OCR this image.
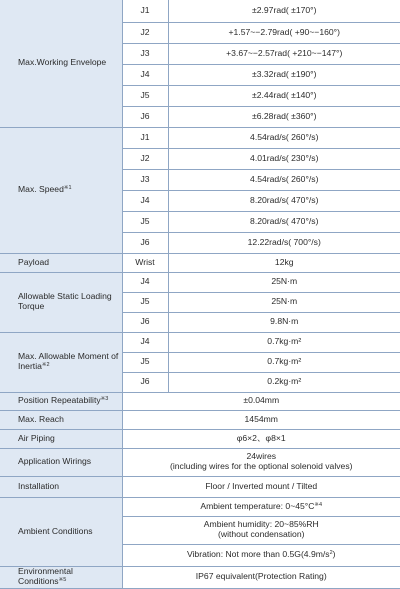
Max.Working Envelope	J1	±2.97rad( ±170°)
	J2	+1.57~−2.79rad( +90~−160°)
	J3	+3.67~−2.57rad( +210~−147°)
	J4	±3.32rad( ±190°)
	J5	±2.44rad( ±140°)
	J6	±6.28rad( ±360°)
Max. Speed$^{※1}$	J1	4.54rad/s( 260°/s)
	J2	4.01rad/s( 230°/s)
	J3	4.54rad/s( 260°/s)
	J4	8.20rad/s( 470°/s)
	J5	8.20rad/s( 470°/s)
	J6	12.22rad/s( 700°/s)
Payload	Wrist	12kg
Allowable Static Loading Torque	J4	25N·m
	J5	25N·m
	J6	9.8N·m
Max. Allowable Moment of Inertia$^{※2}$	J4	0.7kg·m²
	J5	0.7kg·m²
	J6	0.2kg·m²
Position Repeatability$^{※3}$	±0.04mm	
Max. Reach	1454mm	
Air Piping	φ6×2、φ8×1	
Application Wirings	24wires
(including wires for the optional solenoid valves)	

Installation	Floor / Inverted mount / Tilted	
Ambient Conditions	Ambient temperature: $0\sim 45^\circ C^{※4}$

	Ambient humidity: 20~85%RH
(without condensation)	

	Vibration: Not more than $0.5G(4.9m/s^2)$	
Environmental Conditions$^{※5}$	IP67 equivalent(Protection Rating)	
